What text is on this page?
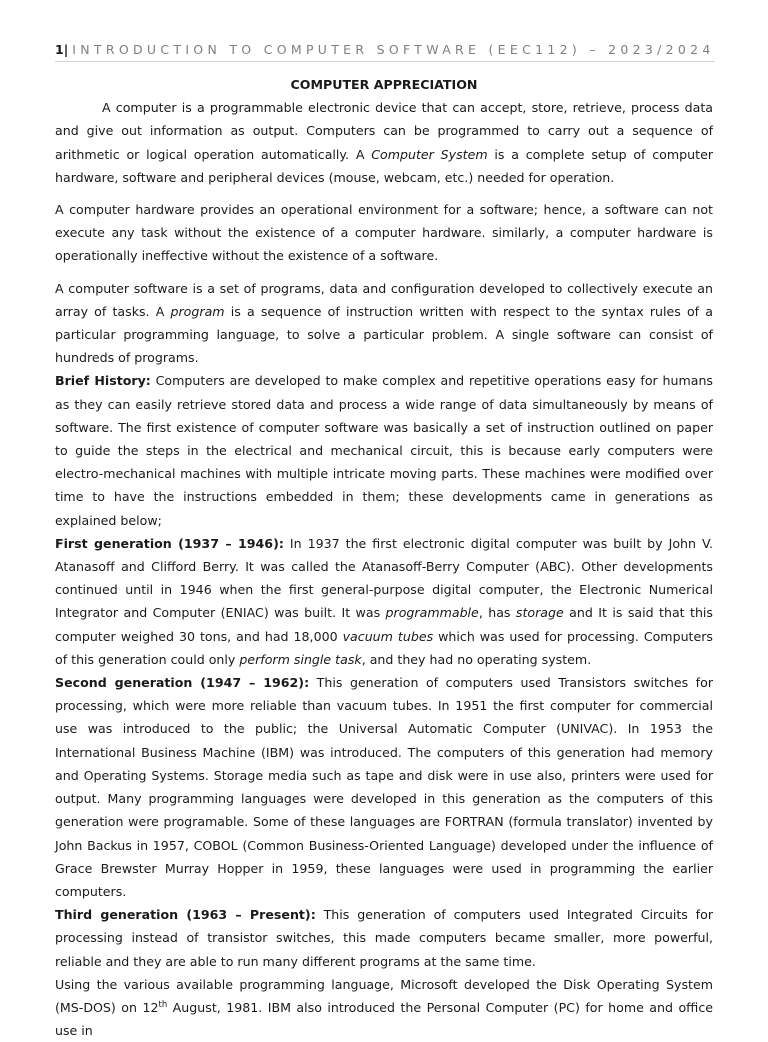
1| INTRODUCTION TO COMPUTER SOFTWARE (EEC112) – 2023/2024

COMPUTER APPRECIATION

A computer is a programmable electronic device that can accept, store, retrieve, process data and give out information as output. Computers can be programmed to carry out a sequence of arithmetic or logical operation automatically. A Computer System is a complete setup of computer hardware, software and peripheral devices (mouse, webcam, etc.) needed for operation.

A computer hardware provides an operational environment for a software; hence, a software can not execute any task without the existence of a computer hardware. similarly, a computer hardware is operationally ineffective without the existence of a software.

A computer software is a set of programs, data and configuration developed to collectively execute an array of tasks. A program is a sequence of instruction written with respect to the syntax rules of a particular programming language, to solve a particular problem. A single software can consist of hundreds of programs.

Brief History: Computers are developed to make complex and repetitive operations easy for humans as they can easily retrieve stored data and process a wide range of data simultaneously by means of software. The first existence of computer software was basically a set of instruction outlined on paper to guide the steps in the electrical and mechanical circuit, this is because early computers were electro-mechanical machines with multiple intricate moving parts. These machines were modified over time to have the instructions embedded in them; these developments came in generations as explained below;

First generation (1937 – 1946): In 1937 the first electronic digital computer was built by John V. Atanasoff and Clifford Berry. It was called the Atanasoff-Berry Computer (ABC). Other developments continued until in 1946 when the first general-purpose digital computer, the Electronic Numerical Integrator and Computer (ENIAC) was built. It was programmable, has storage and It is said that this computer weighed 30 tons, and had 18,000 vacuum tubes which was used for processing. Computers of this generation could only perform single task, and they had no operating system.

Second generation (1947 – 1962): This generation of computers used Transistors switches for processing, which were more reliable than vacuum tubes. In 1951 the first computer for commercial use was introduced to the public; the Universal Automatic Computer (UNIVAC). In 1953 the International Business Machine (IBM) was introduced. The computers of this generation had memory and Operating Systems. Storage media such as tape and disk were in use also, printers were used for output. Many programming languages were developed in this generation as the computers of this generation were programable. Some of these languages are FORTRAN (formula translator) invented by John Backus in 1957, COBOL (Common Business-Oriented Language) developed under the influence of Grace Brewster Murray Hopper in 1959, these languages were used in programming the earlier computers.

Third generation (1963 – Present): This generation of computers used Integrated Circuits for processing instead of transistor switches, this made computers became smaller, more powerful, reliable and they are able to run many different programs at the same time.

Using the various available programming language, Microsoft developed the Disk Operating System (MS-DOS) on 12th August, 1981. IBM also introduced the Personal Computer (PC) for home and office use in
